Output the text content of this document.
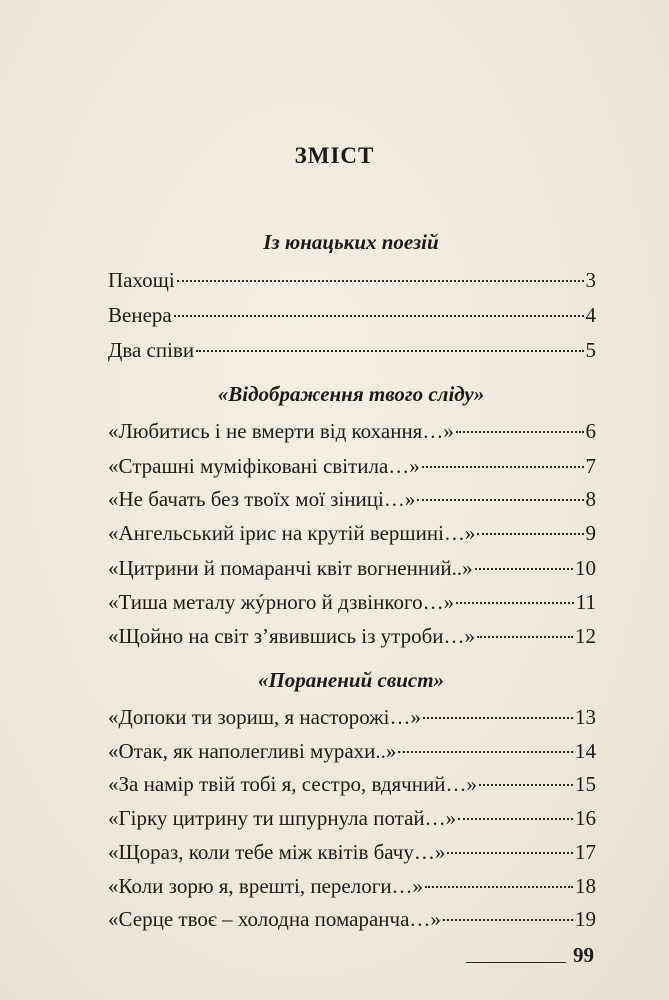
ЗМІСТ
Із юнацьких поезій
Пахощі	3
Венера	4
Два співи	5
«Відображення твого сліду»
«Любитись і не вмерти від кохання…»	6
«Страшні муміфіковані світила…»	7
«Не бачать без твоїх мої зіниці…»	8
«Ангельський ірис на крутій вершині…»	9
«Цитрини й помаранчі квіт вогненний..»	10
«Тиша металу жýрного й дзвінкого…»	11
«Щойно на світ з’явившись із утроби…»	12
«Поранений свист»
«Допоки ти зориш, я насторожі…»	13
«Отак, як наполегливі мурахи..»	14
«За намір твій тобі я, сестро, вдячний…»	15
«Гірку цитрину ти шпурнула потай…»	16
«Щораз, коли тебе між квітів бачу…»	17
«Коли зорю я, врешті, перелоги…»	18
«Серце твоє – холодна помаранча…»	19
99
